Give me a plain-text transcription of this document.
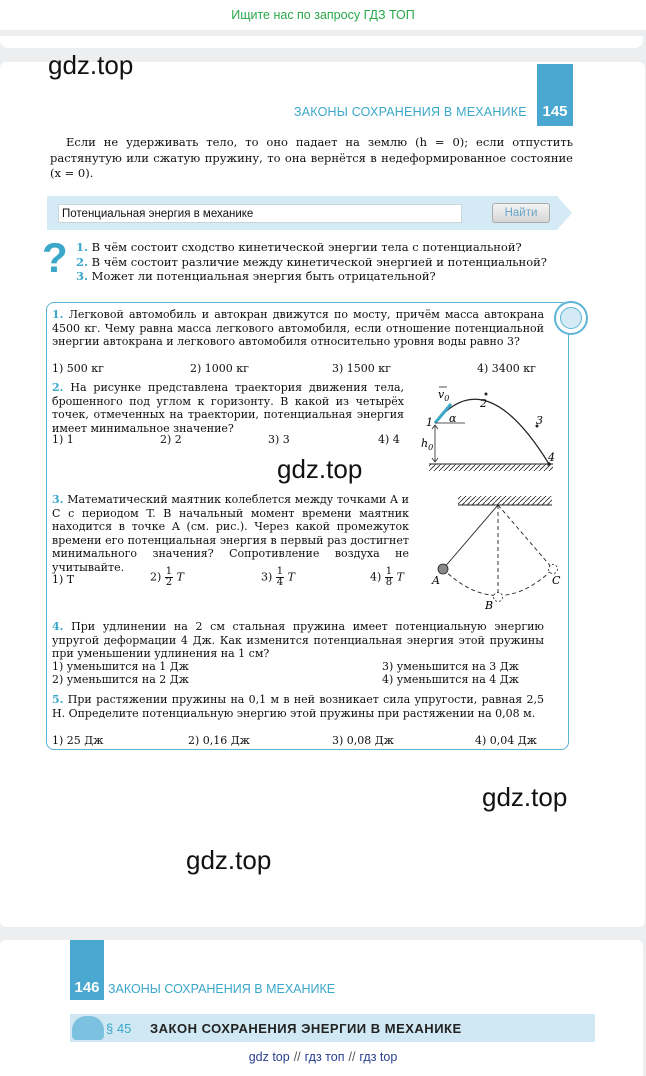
Ищите нас по запросу ГДЗ ТОП
gdz.top
145
ЗАКОНЫ СОХРАНЕНИЯ В МЕХАНИКЕ
Если не удерживать тело, то оно падает на землю (h = 0); если отпустить растянутую или сжатую пружину, то она вернётся в недеформированное состояние (x = 0).
Потенциальная энергия в механике	Найти
? 1. В чём состоит сходство кинетической энергии тела с потенциальной?
2. В чём состоит различие между кинетической энергией и потенциальной?
3. Может ли потенциальная энергия быть отрицательной?
1. Легковой автомобиль и автокран движутся по мосту, причём масса автокрана 4500 кг. Чему равна масса легкового автомобиля, если отношение потенциальной энергии автокрана и легкового автомобиля относительно уровня воды равно 3?
1) 500 кг	2) 1000 кг	3) 1500 кг	4) 3400 кг
2. На рисунке представлена траектория движения тела, брошенного под углом к горизонту. В какой из четырёх точек, отмеченных на траектории, потенциальная энергия имеет минимальное значение?
1) 1	2) 2	3) 3	4) 4
$v_0$
α
1
2
3
4
$h_0$
gdz.top
3. Математический маятник колеблется между точками A и C с периодом T. В начальный момент времени маятник находится в точке A (см. рис.). Через какой промежуток времени его потенциальная энергия в первый раз достигнет минимального значения? Сопротивление воздуха не учитывайте.
1) T	$2) \frac{1}{2}$ T	$3) \frac{1}{4}$ T	$4) \frac{1}{8}$ T	A
B
C
4. При удлинении на 2 см стальная пружина имеет потенциальную энергию упругой деформации 4 Дж. Как изменится потенциальная энергия этой пружины при уменьшении удлинения на 1 см?
1) уменьшится на 1 Дж
2) уменьшится на 2 Дж
3) уменьшится на 3 Дж
4) уменьшится на 4 Дж
5. При растяжении пружины на 0,1 м в ней возникает сила упругости, равная 2,5 Н. Определите потенциальную энергию этой пружины при растяжении на 0,08 м.
1) 25 Дж	2) 0,16 Дж	3) 0,08 Дж	4) 0,04 Дж
gdz.top
gdz.top
146 ЗАКОНЫ СОХРАНЕНИЯ В МЕХАНИКЕ
§ 45 ЗАКОН СОХРАНЕНИЯ ЭНЕРГИИ В МЕХАНИКЕ
gdz top // гдз топ // гдз top
